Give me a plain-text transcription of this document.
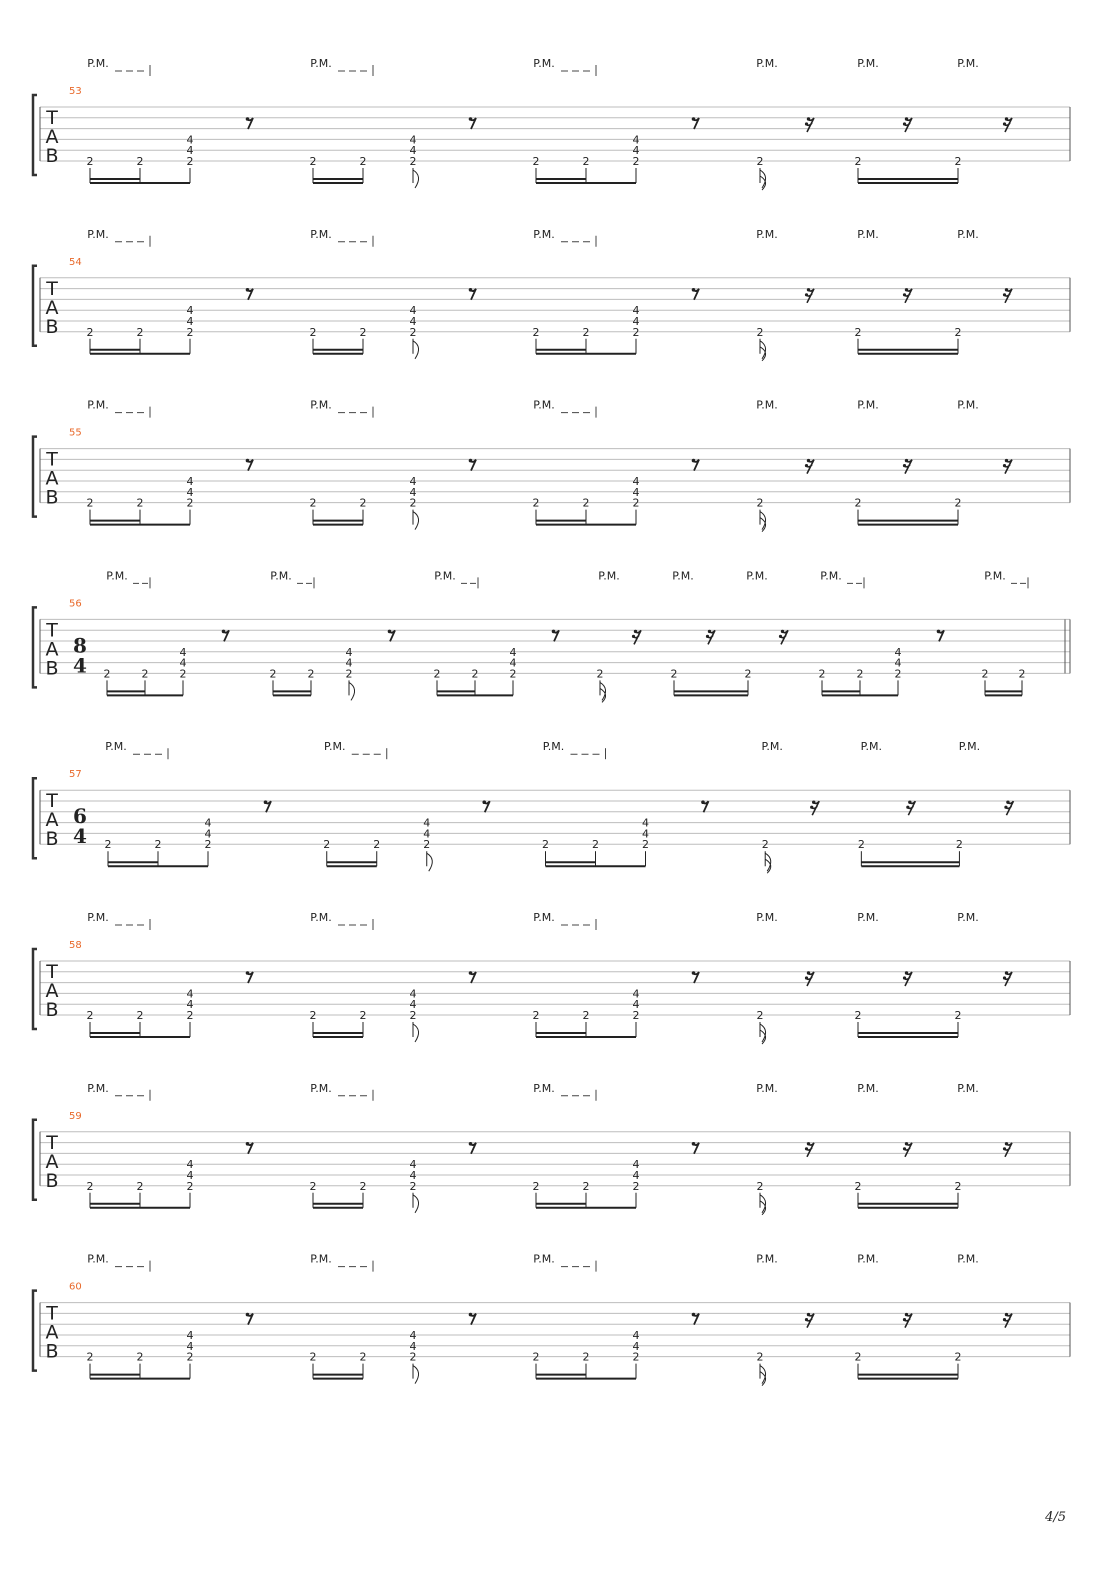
T
A
B
53
2	2
4
4
2	2	2
4
4
2	2	2
4
4
2	2	2	2
P.M.	P.M.	P.M.	P.M.	P.M.	P.M.
T
A
B
54
2	2
4
4
2	2	2
4
4
2	2	2
4
4
2	2	2	2
P.M.	P.M.	P.M.	P.M.	P.M.	P.M.
T
A
B
55
2	2
4
4
2	2	2
4
4
2	2	2
4
4
2	2	2	2
P.M.	P.M.	P.M.	P.M.	P.M.	P.M.
T
A
B
56
8
4 2	2
4
4
2	2	2
4
4
2	2	2
4
4
2	2	2	2	2	2
4
4
2	2	2
P.M.	P.M.	P.M.	P.M.	P.M.	P.M.	P.M.	P.M.
T
A
B
57
6
4 2	2
4
4
2	2	2
4
4
2	2	2
4
4
2	2	2	2
P.M.	P.M.	P.M.	P.M.	P.M.	P.M.
T
A
B
58
2	2
4
4
2	2	2
4
4
2	2	2
4
4
2	2	2	2
P.M.	P.M.	P.M.	P.M.	P.M.	P.M.
T
A
B
59
2	2
4
4
2	2	2
4
4
2	2	2
4
4
2	2	2	2
P.M.	P.M.	P.M.	P.M.	P.M.	P.M.
T
A
B
60
2	2
4
4
2	2	2
4
4
2	2	2
4
4
2	2	2	2
P.M.	P.M.	P.M.	P.M.	P.M.	P.M.
4/5
